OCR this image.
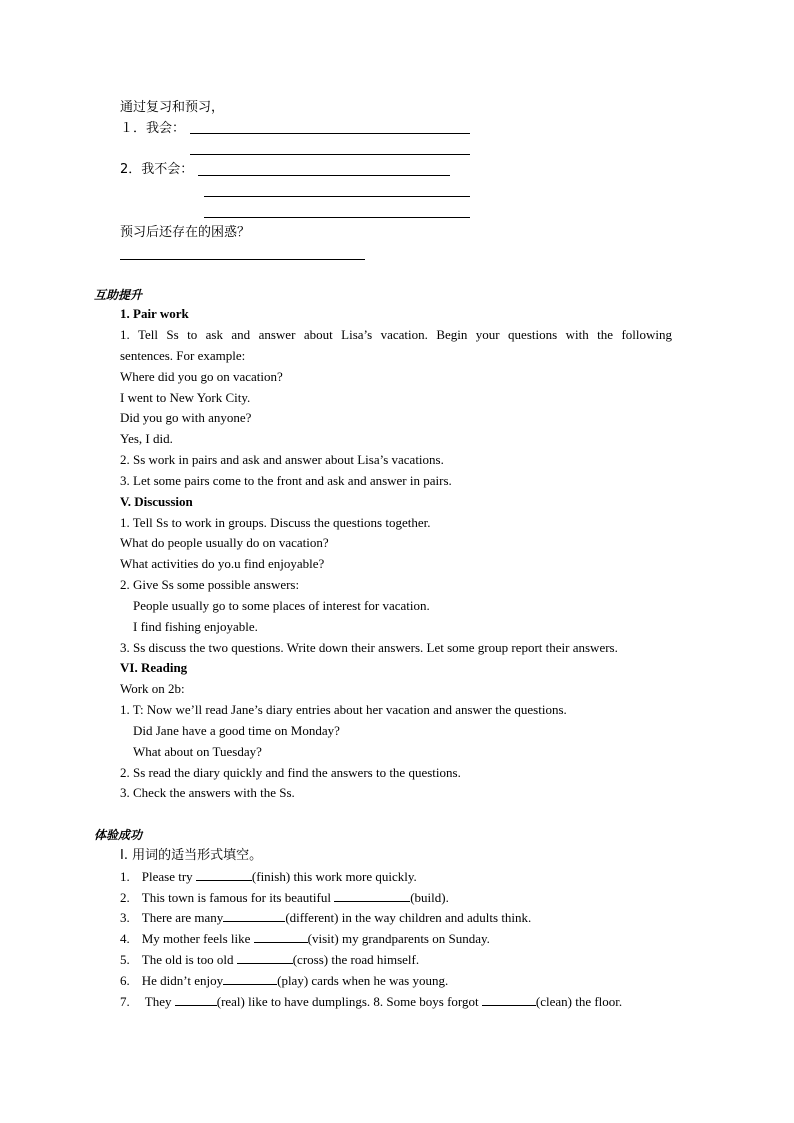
通过复习和预习，
１．我会：
2．我不会：
预习后还存在的困惑？
互助提升
1. Pair work
1. Tell Ss to ask and answer about Lisa’s vacation. Begin your questions with the following
sentences. For example:
Where did you go on vacation?
I went to New York City.
Did you go with anyone?
Yes, I did.
2. Ss work in pairs and ask and answer about Lisa’s vacations.
3. Let some pairs come to the front and ask and answer in pairs.
V. Discussion
1. Tell Ss to work in groups. Discuss the questions together.
What do people usually do on vacation?
What activities do yo.u find enjoyable?
2. Give Ss some possible answers:
People usually go to some places of interest for vacation.
I find fishing enjoyable.
3. Ss discuss the two questions. Write down their answers. Let some group report their answers.
VI. Reading
Work on 2b:
1. T: Now we’ll read Jane’s diary entries about her vacation and answer the questions.
Did Jane have a good time on Monday?
What about on Tuesday?
2. Ss read the diary quickly and find the answers to the questions.
3. Check the answers with the Ss.
体验成功
I. 用词的适当形式填空。
1. Please try	(finish) this work more quickly.
2. This town is famous for its beautiful	(build).
3. There are many	(different) in the way children and adults think.
4. My mother feels like	(visit) my grandparents on Sunday.
5. The old is too old	(cross) the road himself.
6. He didn’t enjoy	(play) cards when he was young.
7. They	(real) like to have dumplings. 8. Some boys forgot	(clean) the floor.
